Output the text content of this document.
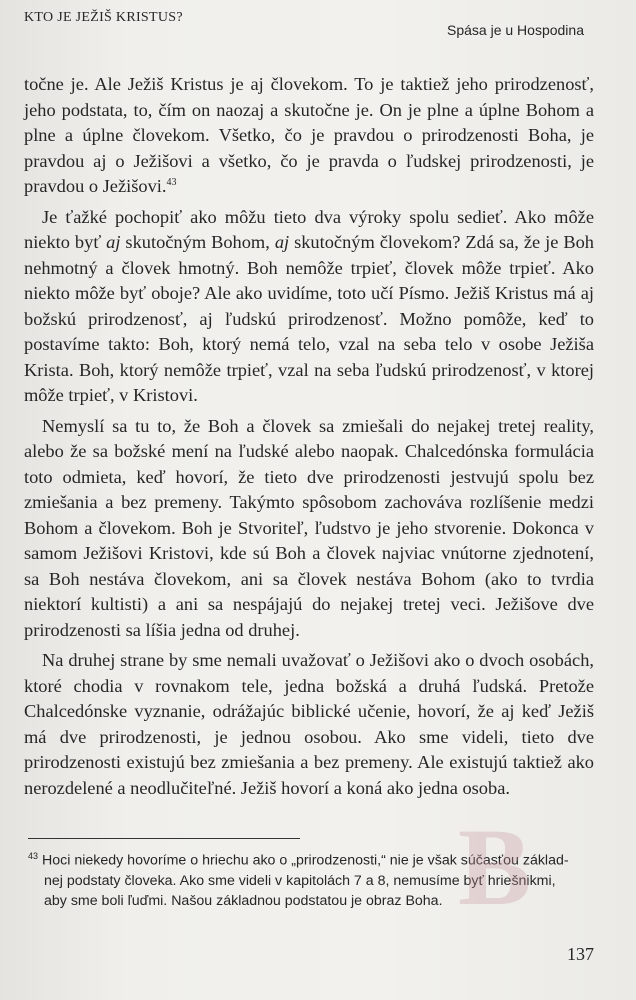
KTO JE JEŽIŠ KRISTUS?
Spása je u Hospodina

točne je. Ale Ježiš Kristus je aj človekom. To je taktiež jeho prirodzenosť, jeho podstata, to, čím on naozaj a skutočne je. On je plne a úplne Bohom a plne a úplne človekom. Všetko, čo je pravdou o prirodzenosti Boha, je pravdou aj o Ježišovi a všetko, čo je pravda o ľudskej prirodzenosti, je pravdou o Ježišovi.$^{43}$

Je ťažké pochopiť ako môžu tieto dva výroky spolu sedieť. Ako môže niekto byť aj skutočným Bohom, aj skutočným človekom? Zdá sa, že je Boh nehmotný a človek hmotný. Boh nemôže trpieť, človek môže trpieť. Ako niekto môže byť oboje? Ale ako uvidíme, toto učí Písmo. Ježiš Kristus má aj božskú prirodzenosť, aj ľudskú prirodzenosť. Možno pomôže, keď to postavíme takto: Boh, ktorý nemá telo, vzal na seba telo v osobe Ježiša Krista. Boh, ktorý nemôže trpieť, vzal na seba ľudskú prirodzenosť, v ktorej môže trpieť, v Kristovi.

Nemyslí sa tu to, že Boh a človek sa zmiešali do nejakej tretej reality, alebo že sa božské mení na ľudské alebo naopak. Chalcedónska formulácia toto odmieta, keď hovorí, že tieto dve prirodzenosti jestvujú spolu bez zmiešania a bez premeny. Takýmto spôsobom zachováva rozlíšenie medzi Bohom a človekom. Boh je Stvoriteľ, ľudstvo je jeho stvorenie. Dokonca v samom Ježišovi Kristovi, kde sú Boh a človek najviac vnútorne zjednotení, sa Boh nestáva človekom, ani sa človek nestáva Bohom (ako to tvrdia niektorí kultisti) a ani sa nespájajú do nejakej tretej veci. Ježišove dve prirodzenosti sa líšia jedna od druhej.

Na druhej strane by sme nemali uvažovať o Ježišovi ako o dvoch osobách, ktoré chodia v rovnakom tele, jedna božská a druhá ľudská. Pretože Chalcedónske vyznanie, odrážajúc biblické učenie, hovorí, že aj keď Ježiš má dve prirodzenosti, je jednou osobou. Ako sme videli, tieto dve prirodzenosti existujú bez zmiešania a bez premeny. Ale existujú taktiež ako nerozdelené a neodlučiteľné. Ježiš hovorí a koná ako jedna osoba.

$^{43}$ Hoci niekedy hovoríme o hriechu ako o „prirodzenosti,“ nie je však súčasťou základ-
nej podstaty človeka. Ako sme videli v kapitolách 7 a 8, nemusíme byť hriešnikmi,
aby sme boli ľuďmi. Našou základnou podstatou je obraz Boha. B
137
